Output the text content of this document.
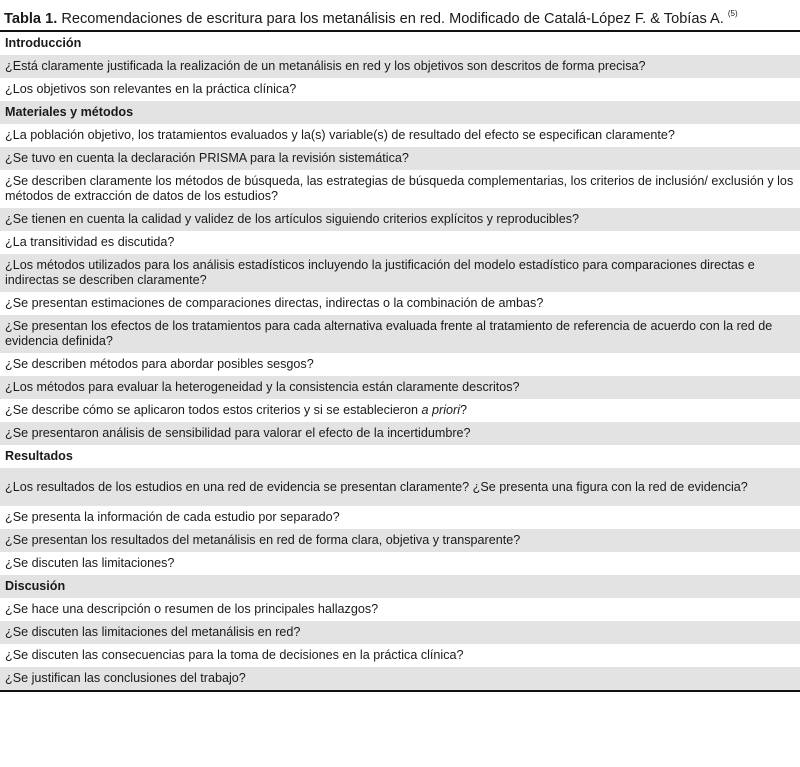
Tabla 1. Recomendaciones de escritura para los metanálisis en red. Modificado de Catalá-López F. & Tobías A. $^{(5)}$
Introducción
¿Está claramente justificada la realización de un metanálisis en red y los objetivos son descritos de forma precisa?
¿Los objetivos son relevantes en la práctica clínica?
Materiales y métodos
¿La población objetivo, los tratamientos evaluados y la(s) variable(s) de resultado del efecto se especifican claramente?
¿Se tuvo en cuenta la declaración PRISMA para la revisión sistemática?
¿Se describen claramente los métodos de búsqueda, las estrategias de búsqueda complementarias, los criterios de inclusión/ exclusión y los métodos de extracción de datos de los estudios?
¿Se tienen en cuenta la calidad y validez de los artículos siguiendo criterios explícitos y reproducibles?
¿La transitividad es discutida?
¿Los métodos utilizados para los análisis estadísticos incluyendo la justificación del modelo estadístico para comparaciones directas e indirectas se describen claramente?
¿Se presentan estimaciones de comparaciones directas, indirectas o la combinación de ambas?
¿Se presentan los efectos de los tratamientos para cada alternativa evaluada frente al tratamiento de referencia de acuerdo con la red de evidencia definida?
¿Se describen métodos para abordar posibles sesgos?
¿Los métodos para evaluar la heterogeneidad y la consistencia están claramente descritos?
¿Se describe cómo se aplicaron todos estos criterios y si se establecieron a priori?
¿Se presentaron análisis de sensibilidad para valorar el efecto de la incertidumbre?
Resultados
¿Los resultados de los estudios en una red de evidencia se presentan claramente? ¿Se presenta una figura con la red de evidencia?
¿Se presenta la información de cada estudio por separado?
¿Se presentan los resultados del metanálisis en red de forma clara, objetiva y transparente?
¿Se discuten las limitaciones?
Discusión
¿Se hace una descripción o resumen de los principales hallazgos?
¿Se discuten las limitaciones del metanálisis en red?
¿Se discuten las consecuencias para la toma de decisiones en la práctica clínica?
¿Se justifican las conclusiones del trabajo?
